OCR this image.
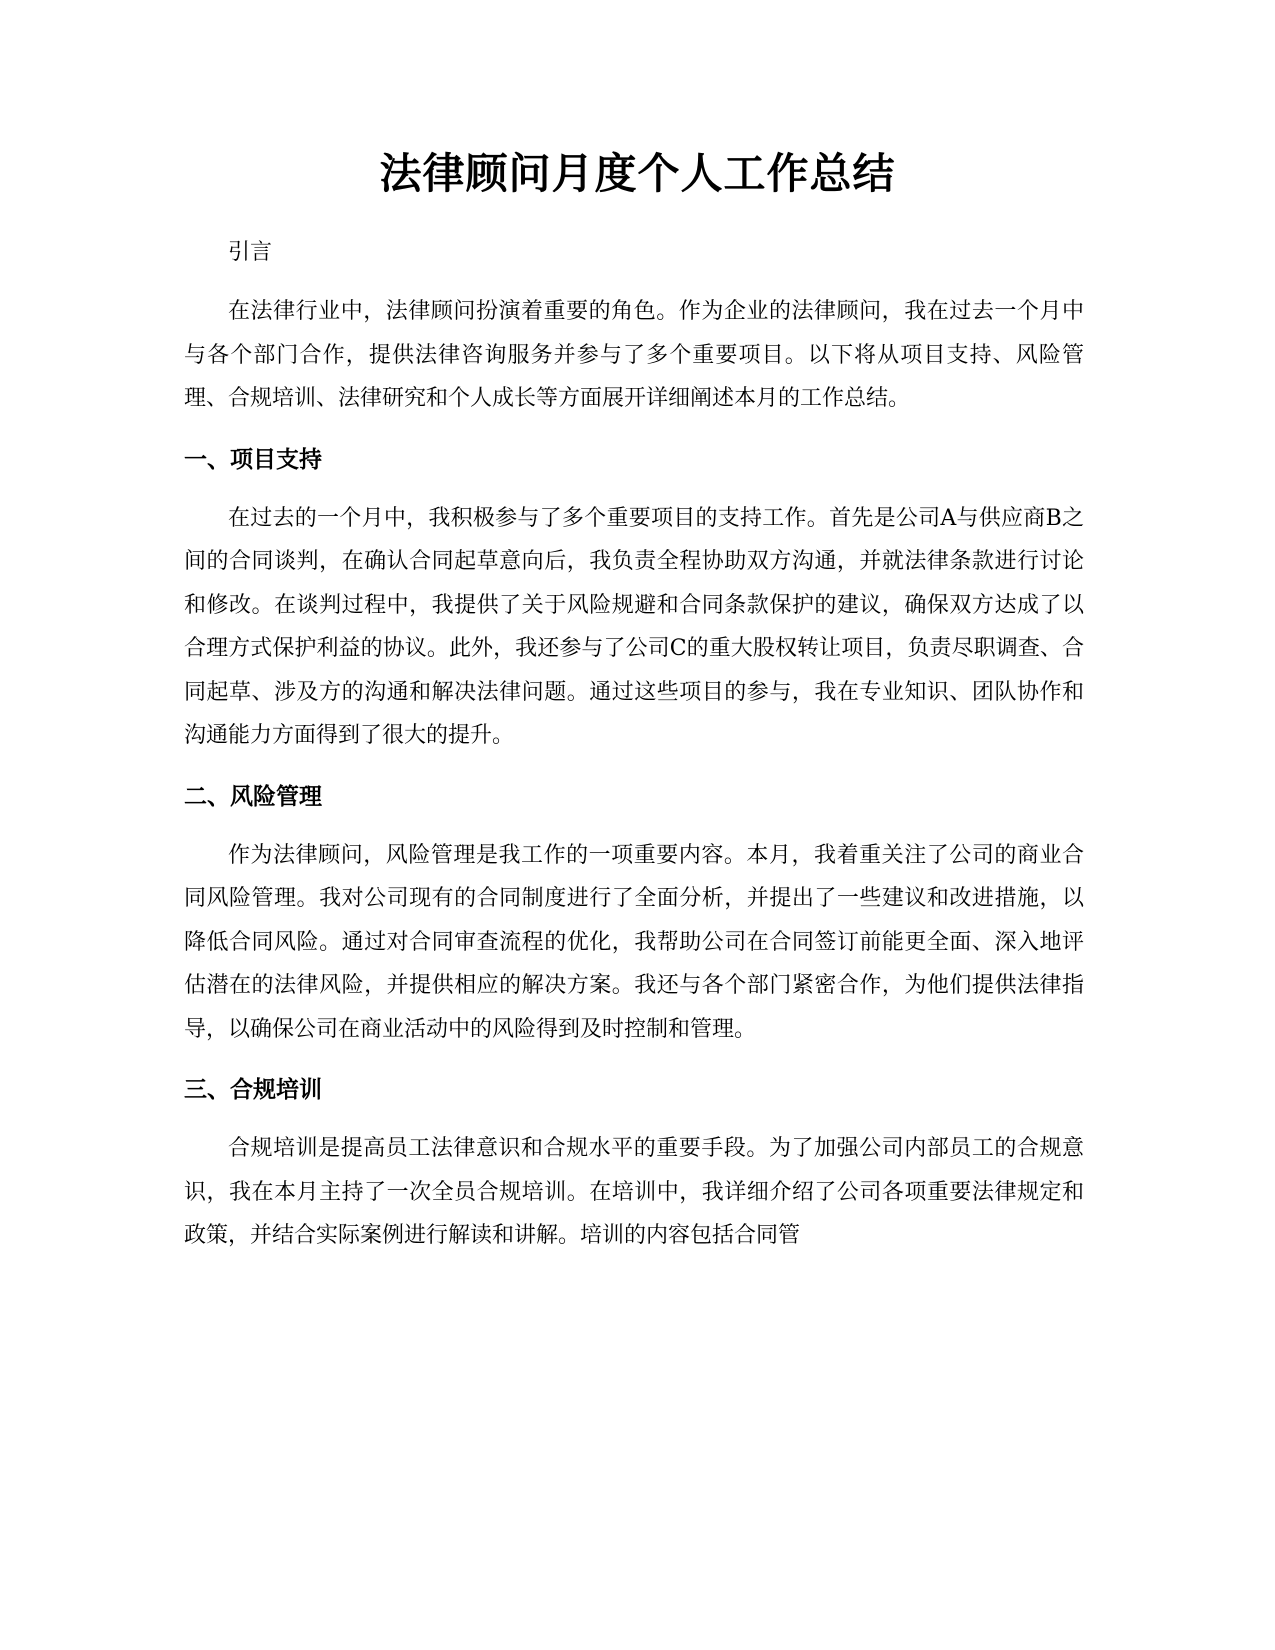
法律顾问月度个人工作总结

引言

在法律行业中，法律顾问扮演着重要的角色。作为企业的法律顾问，我在过去一个月中与各个部门合作，提供法律咨询服务并参与了多个重要项目。以下将从项目支持、风险管理、合规培训、法律研究和个人成长等方面展开详细阐述本月的工作总结。

一、项目支持

在过去的一个月中，我积极参与了多个重要项目的支持工作。首先是公司A与供应商B之间的合同谈判，在确认合同起草意向后，我负责全程协助双方沟通，并就法律条款进行讨论和修改。在谈判过程中，我提供了关于风险规避和合同条款保护的建议，确保双方达成了以合理方式保护利益的协议。此外，我还参与了公司C的重大股权转让项目，负责尽职调查、合同起草、涉及方的沟通和解决法律问题。通过这些项目的参与，我在专业知识、团队协作和沟通能力方面得到了很大的提升。

二、风险管理

作为法律顾问，风险管理是我工作的一项重要内容。本月，我着重关注了公司的商业合同风险管理。我对公司现有的合同制度进行了全面分析，并提出了一些建议和改进措施，以降低合同风险。通过对合同审查流程的优化，我帮助公司在合同签订前能更全面、深入地评估潜在的法律风险，并提供相应的解决方案。我还与各个部门紧密合作，为他们提供法律指导，以确保公司在商业活动中的风险得到及时控制和管理。

三、合规培训

合规培训是提高员工法律意识和合规水平的重要手段。为了加强公司内部员工的合规意识，我在本月主持了一次全员合规培训。在培训中，我详细介绍了公司各项重要法律规定和政策，并结合实际案例进行解读和讲解。培训的内容包括合同管
